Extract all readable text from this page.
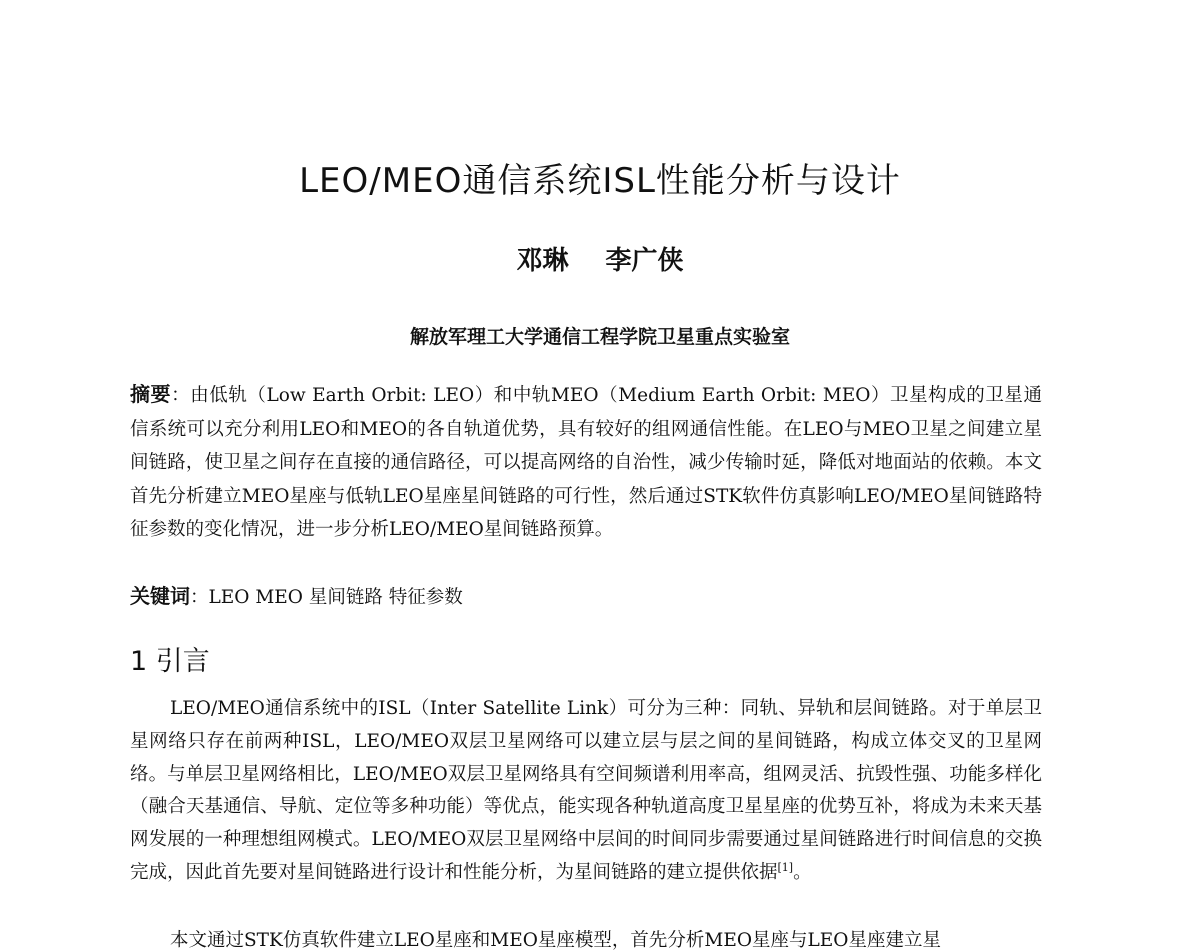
LEO/MEO通信系统ISL性能分析与设计
邓琳 李广侠
解放军理工大学通信工程学院卫星重点实验室
摘要：由低轨（Low Earth Orbit: LEO）和中轨MEO（Medium Earth Orbit: MEO）卫星构成的卫星通信系统可以充分利用LEO和MEO的各自轨道优势，具有较好的组网通信性能。在LEO与MEO卫星之间建立星间链路，使卫星之间存在直接的通信路径，可以提高网络的自治性，减少传输时延，降低对地面站的依赖。本文首先分析建立MEO星座与低轨LEO星座星间链路的可行性，然后通过STK软件仿真影响LEO/MEO星间链路特征参数的变化情况，进一步分析LEO/MEO星间链路预算。
关键词：LEO MEO 星间链路 特征参数
1 引言

LEO/MEO通信系统中的ISL（Inter Satellite Link）可分为三种：同轨、异轨和层间链路。对于单层卫星网络只存在前两种ISL，LEO/MEO双层卫星网络可以建立层与层之间的星间链路，构成立体交叉的卫星网络。与单层卫星网络相比，LEO/MEO双层卫星网络具有空间频谱利用率高，组网灵活、抗毁性强、功能多样化（融合天基通信、导航、定位等多种功能）等优点，能实现各种轨道高度卫星星座的优势互补，将成为未来天基网发展的一种理想组网模式。LEO/MEO双层卫星网络中层间的时间同步需要通过星间链路进行时间信息的交换完成，因此首先要对星间链路进行设计和性能分析，为星间链路的建立提供依据[1]。

本文通过STK仿真软件建立LEO星座和MEO星座模型，首先分析MEO星座与LEO星座建立星
